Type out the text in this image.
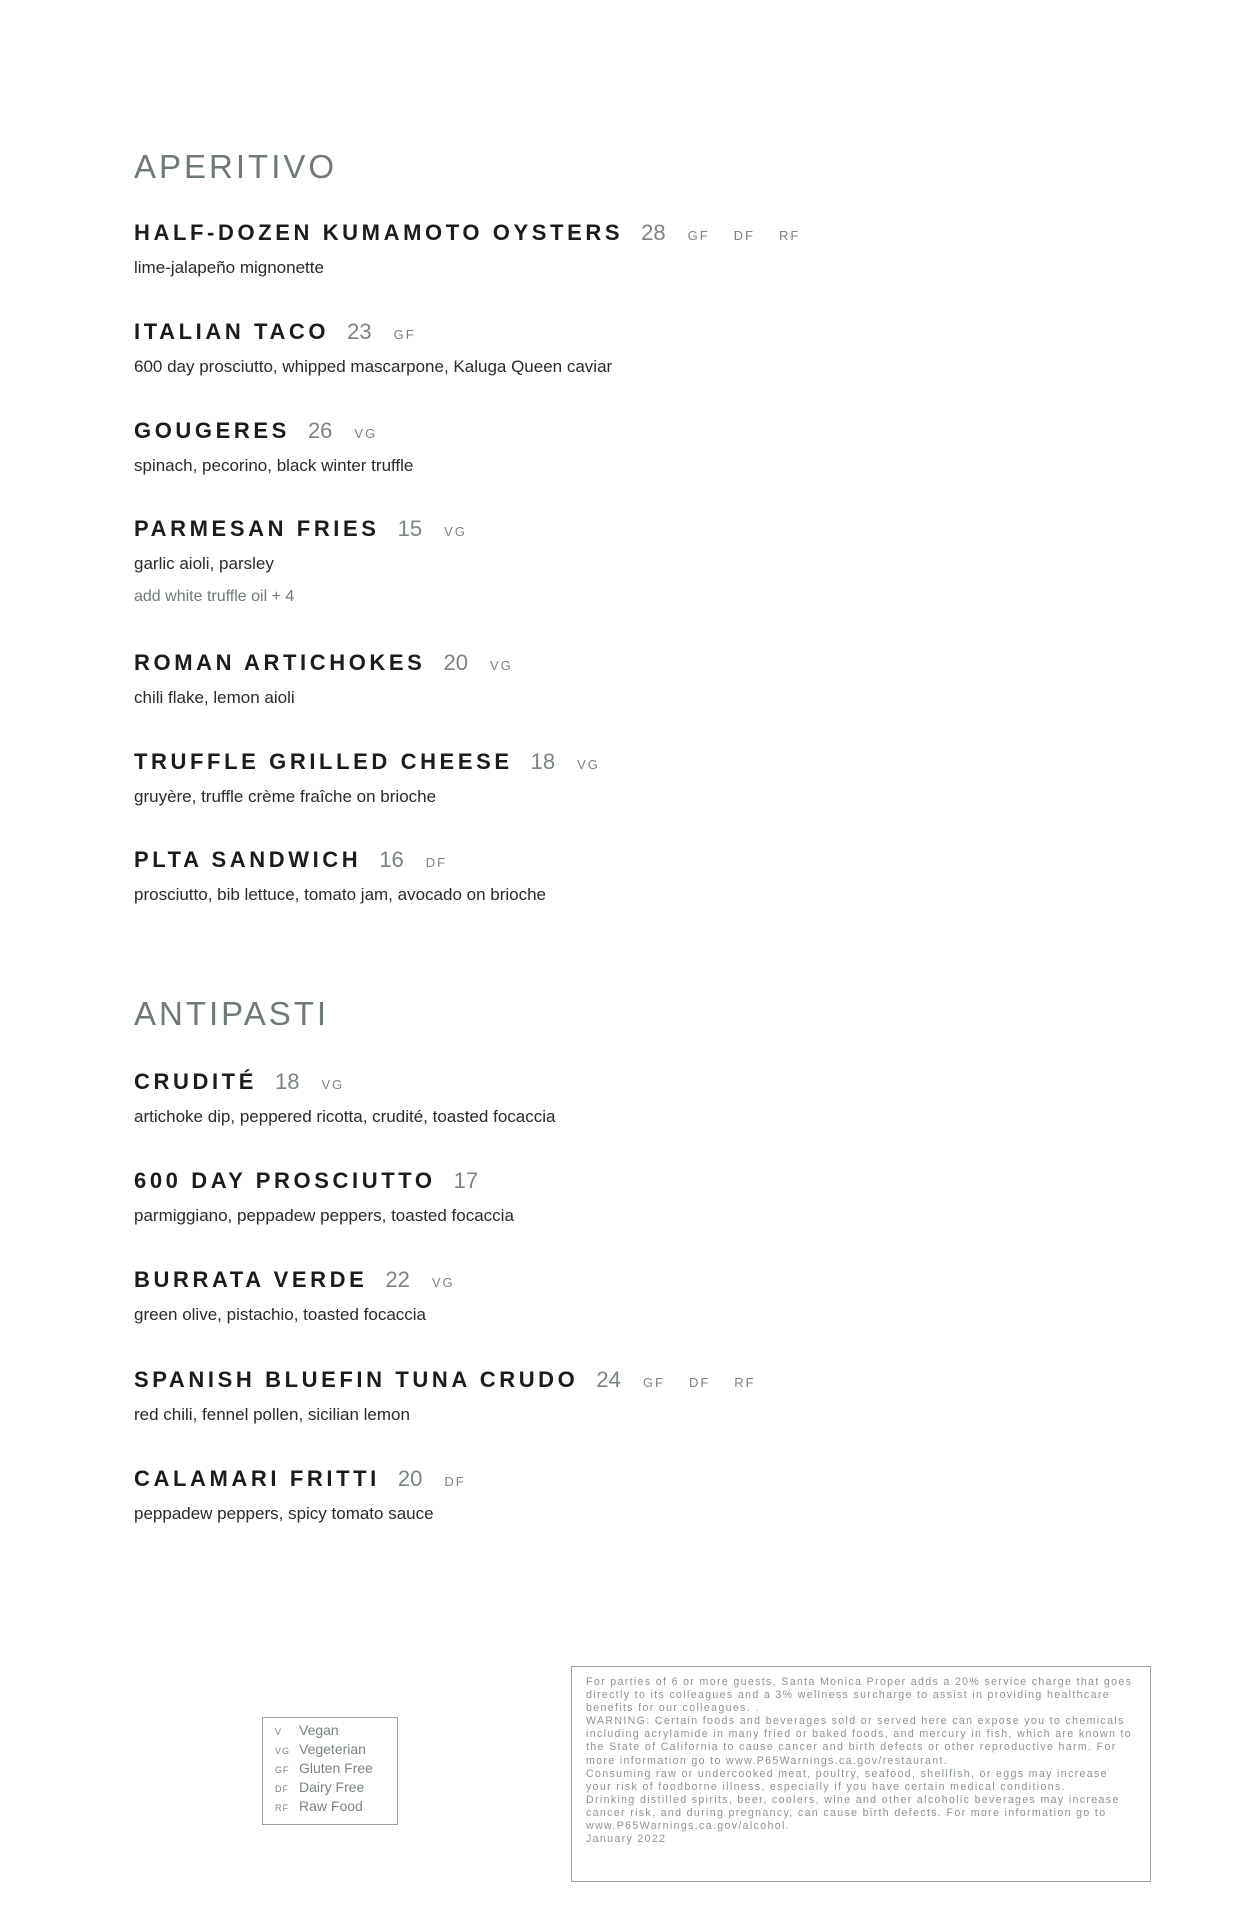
APERITIVO
HALF-DOZEN KUMAMOTO OYSTERS 28 GF DF RF
lime-jalapeño mignonette
ITALIAN TACO 23 GF
600 day prosciutto, whipped mascarpone, Kaluga Queen caviar
GOUGERES 26 VG
spinach, pecorino, black winter truffle
PARMESAN FRIES 15 VG
garlic aioli, parsley
add white truffle oil + 4
ROMAN ARTICHOKES 20 VG
chili flake, lemon aioli
TRUFFLE GRILLED CHEESE 18 VG
gruyère, truffle crème fraîche on brioche
PLTA SANDWICH 16 DF
prosciutto, bib lettuce, tomato jam, avocado on brioche
ANTIPASTI
CRUDITÉ 18 VG
artichoke dip, peppered ricotta, crudité, toasted focaccia
600 DAY PROSCIUTTO 17
parmiggiano, peppadew peppers, toasted focaccia
BURRATA VERDE 22 VG
green olive, pistachio, toasted focaccia
SPANISH BLUEFIN TUNA CRUDO 24 GF DF RF
red chili, fennel pollen, sicilian lemon
CALAMARI FRITTI 20 DF
peppadew peppers, spicy tomato sauce
V	Vegan
VG Vegeterian
GF Gluten Free
DF Dairy Free
RF Raw Food

For parties of 6 or more guests, Santa Monica Proper adds a 20% service charge that goes directly to its colleagues and a 3% wellness surcharge to assist in providing healthcare benefits for our colleagues. .

WARNING: Certain foods and beverages sold or served here can expose you to chemicals including acrylamide in many fried or baked foods, and mercury in fish, which are known to the State of California to cause cancer and birth defects or other reproductive harm. For more information go to www.P65Warnings.ca.gov/restaurant.

Consuming raw or undercooked meat, poultry, seafood, shellfish, or eggs may increase your risk of foodborne illness, especially if you have certain medical conditions.

Drinking distilled spirits, beer, coolers, wine and other alcoholic beverages may increase cancer risk, and during pregnancy, can cause birth defects. For more information go to www.P65Warnings.ca.gov/alcohol.

January 2022
